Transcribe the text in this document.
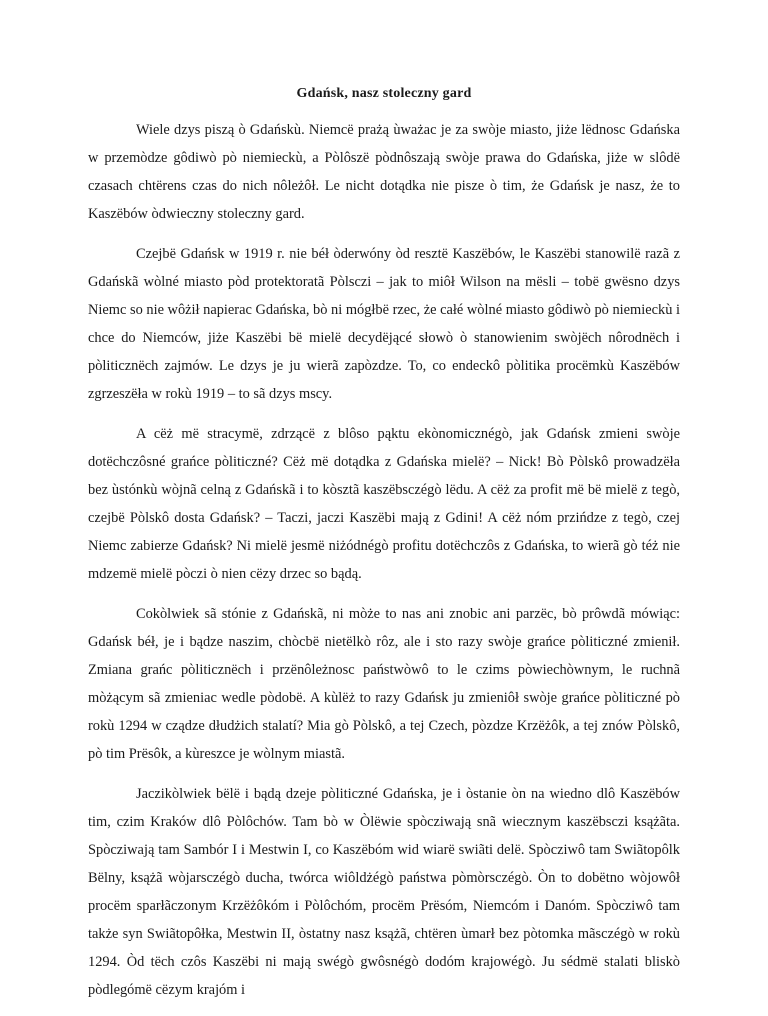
Gdańsk, nasz stoleczny gard

Wiele dzys piszą ò Gdańskù. Niemcë prażą ùważac je za swòje miasto, jiże lëdnosc Gdańska w przemòdze gôdiwò pò niemieckù, a Pòlôszë pòdnôszają swòje prawa do Gdańska, jiże w slôdë czasach chtërens czas do nich nôleżôł. Le nicht dotądka nie pisze ò tim, że Gdańsk je nasz, że to Kaszëbów òdwieczny stoleczny gard.

Czejbë Gdańsk w 1919 r. nie béł òderwóny òd resztë Kaszëbów, le Kaszëbi stanowilë razã z Gdańskã wòlné miasto pòd protektoratã Pòlsczi – jak to miôł Wilson na mësli – tobë gwësno dzys Niemc so nie wôżił napierac Gdańska, bò ni mógłbë rzec, że całé wòlné miasto gôdiwò pò niemieckù i chce do Niemców, jiże Kaszëbi bë mielë decydëjącé słowò ò stanowienim swòjëch nôrodnëch i pòliticznëch zajmów. Le dzys je ju wierã zapòzdze. To, co endeckô pòlitika procëmkù Kaszëbów zgrzeszëła w rokù 1919 – to sã dzys mscy.

A cëż më stracymë, zdrzącë z blôso pąktu ekònomicznégò, jak Gdańsk zmieni swòje dotëchczôsné grańce pòliticzné? Cëż më dotądka z Gdańska mielë? – Nick! Bò Pòlskô prowadzëła bez ùstónkù wòjnã celną z Gdańskã i to kòsztã kaszëbsczégò lëdu. A cëż za profit më bë mielë z tegò, czejbë Pòlskô dosta Gdańsk? – Taczi, jaczi Kaszëbi mają z Gdini! A cëż nóm przińdze z tegò, czej Niemc zabierze Gdańsk? Ni mielë jesmë niżódnégò profitu dotëchczôs z Gdańska, to wierã gò téż nie mdzemë mielë pòczi ò nien cëzy drzec so bądą.

Cokòlwiek sã stónie z Gdańskã, ni mòże to nas ani znobic ani parzëc, bò prôwdã mówiąc: Gdańsk béł, je i bądze naszim, chòcbë nietëlkò rôz, ale i sto razy swòje grańce pòliticzné zmienił. Zmiana grańc pòliticznëch i przënôleżnosc państwòwô to le czims pòwiechòwnym, le ruchnã mòżącym sã zmieniac wedle pòdobë. A kùlëż to razy Gdańsk ju zmieniôł swòje grańce pòliticzné pò rokù 1294 w cządze dłudżich stalatí? Mia gò Pòlskô, a tej Czech, pòzdze Krzëżôk, a tej znów Pòlskô, pò tim Prësôk, a kùreszce je wòlnym miastã.

Jaczikòlwiek bëlë i bądą dzeje pòliticzné Gdańska, je i òstanie òn na wiedno dlô Kaszëbów tim, czim Kraków dlô Pòlôchów. Tam bò w Òlëwie spòcziwają snã wiecznym kaszëbsczi ksążãta. Spòcziwają tam Sambór I i Mestwin I, co Kaszëbóm wid wiarë swiãti delë. Spòcziwô tam Swiãtopôlk Bëlny, ksążã wòjarsczégò ducha, twórca wiôldżégò państwa pòmòrsczégò. Òn to dobëtno wòjowôł procëm sparłãczonym Krzëżôkóm i Pòlôchóm, procëm Prësóm, Niemcóm i Danóm. Spòcziwô tam także syn Swiãtopôłka, Mestwin II, òstatny nasz ksążã, chtëren ùmarł bez pòtomka mãsczégò w rokù 1294. Òd tëch czôs Kaszëbi ni mają swégò gwôsnégò dodóm krajowégò. Ju sédmë stalati bliskò pòdlegómë cëzym krajóm i
